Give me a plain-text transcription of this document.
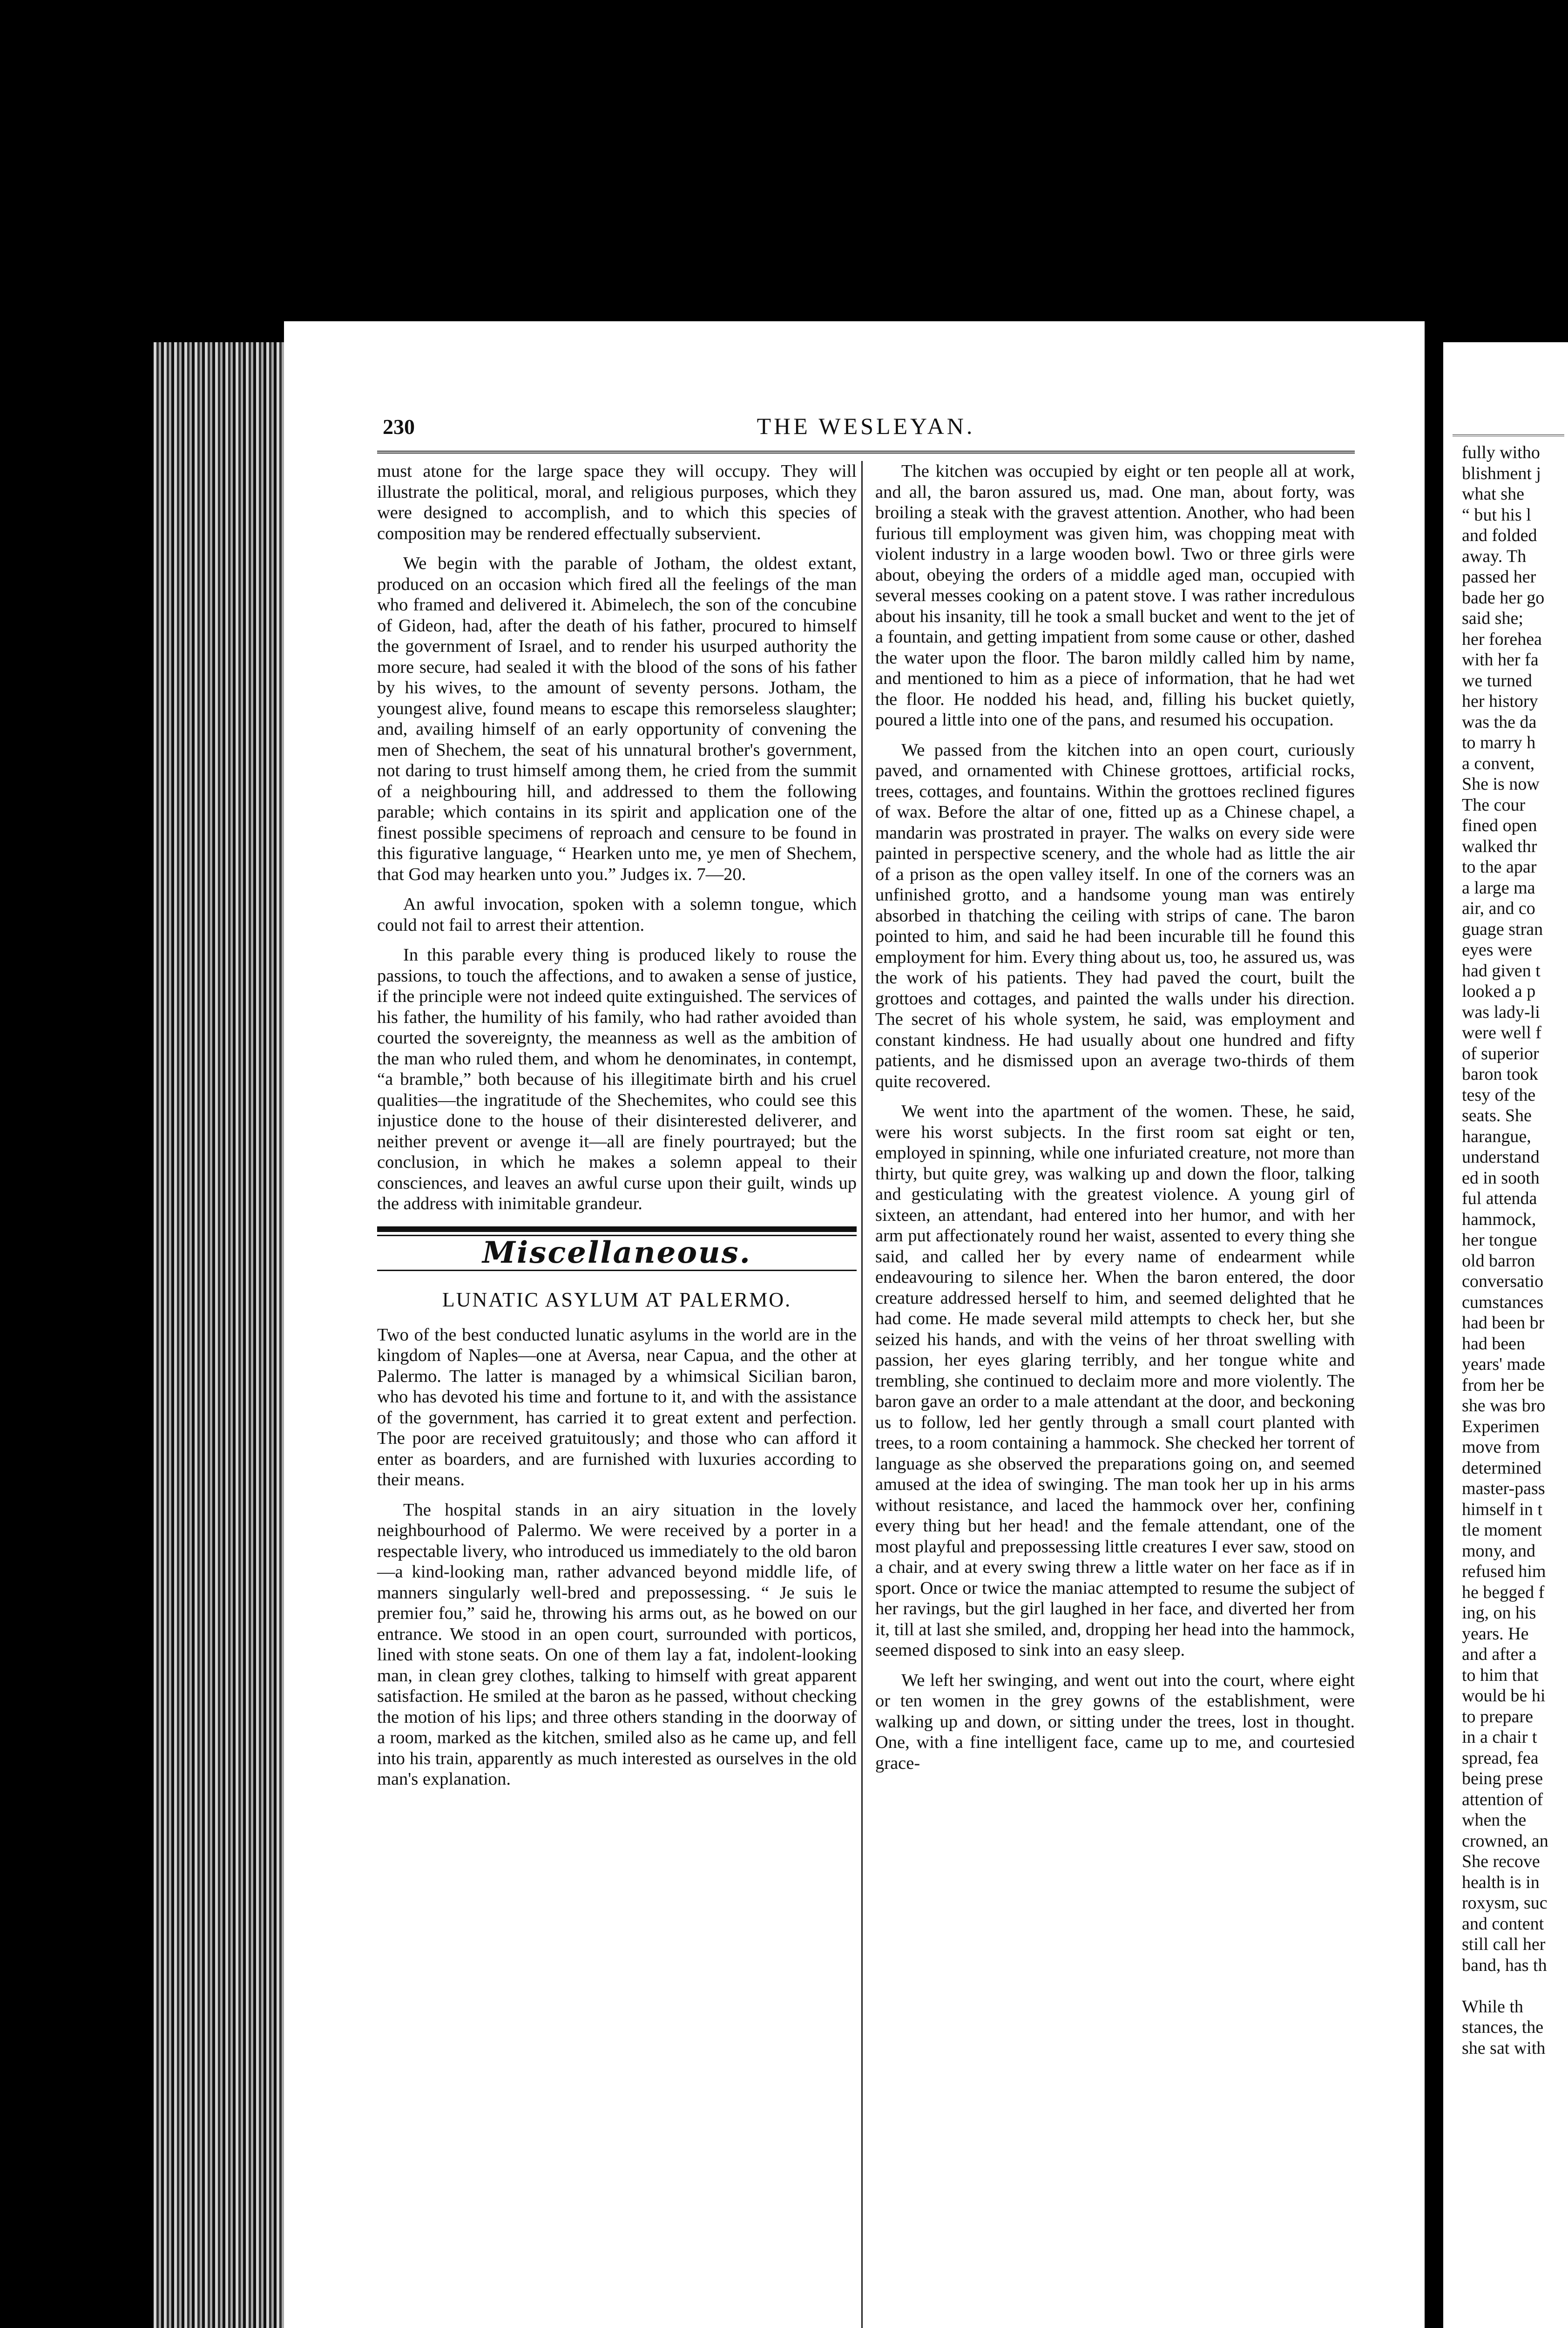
230	THE WESLEYAN.

must atone for the large space they will occupy. They will illustrate the political, moral, and religious purposes, which they were designed to accomplish, and to which this species of composition may be rendered effectually subservient.

We begin with the parable of Jotham, the oldest extant, produced on an occasion which fired all the feelings of the man who framed and delivered it. Abimelech, the son of the concubine of Gideon, had, after the death of his father, procured to himself the government of Israel, and to render his usurped authority the more secure, had sealed it with the blood of the sons of his father by his wives, to the amount of seventy persons. Jotham, the youngest alive, found means to escape this remorseless slaughter; and, availing himself of an early opportunity of convening the men of Shechem, the seat of his unnatural brother's government, not daring to trust himself among them, he cried from the summit of a neighbouring hill, and addressed to them the following parable; which contains in its spirit and application one of the finest possible specimens of reproach and censure to be found in this figurative language, “ Hearken unto me, ye men of Shechem, that God may hearken unto you.” Judges ix. 7—20.

An awful invocation, spoken with a solemn tongue, which could not fail to arrest their attention.

In this parable every thing is produced likely to rouse the passions, to touch the affections, and to awaken a sense of justice, if the principle were not indeed quite extinguished. The services of his father, the humility of his family, who had rather avoided than courted the sovereignty, the meanness as well as the ambition of the man who ruled them, and whom he denominates, in contempt, “a bramble,” both because of his illegitimate birth and his cruel qualities—the ingratitude of the Shechemites, who could see this injustice done to the house of their disinterested deliverer, and neither prevent or avenge it—all are finely pourtrayed; but the conclusion, in which he makes a solemn appeal to their consciences, and leaves an awful curse upon their guilt, winds up the address with inimitable grandeur.

Miscellaneous.
LUNATIC ASYLUM AT PALERMO.

Two of the best conducted lunatic asylums in the world are in the kingdom of Naples—one at Aversa, near Capua, and the other at Palermo. The latter is managed by a whimsical Sicilian baron, who has devoted his time and fortune to it, and with the assistance of the government, has carried it to great extent and perfection. The poor are received gratuitously; and those who can afford it enter as boarders, and are furnished with luxuries according to their means.

The hospital stands in an airy situation in the lovely neighbourhood of Palermo. We were received by a porter in a respectable livery, who introduced us immediately to the old baron—a kind-looking man, rather advanced beyond middle life, of manners singularly well-bred and prepossessing. “ Je suis le premier fou,” said he, throwing his arms out, as he bowed on our entrance. We stood in an open court, surrounded with porticos, lined with stone seats. On one of them lay a fat, indolent-looking man, in clean grey clothes, talking to himself with great apparent satisfaction. He smiled at the baron as he passed, without checking the motion of his lips; and three others standing in the doorway of a room, marked as the kitchen, smiled also as he came up, and fell into his train, apparently as much interested as ourselves in the old man's explanation.

The kitchen was occupied by eight or ten people all at work, and all, the baron assured us, mad. One man, about forty, was broiling a steak with the gravest attention. Another, who had been furious till employment was given him, was chopping meat with violent industry in a large wooden bowl. Two or three girls were about, obeying the orders of a middle aged man, occupied with several messes cooking on a patent stove. I was rather incredulous about his insanity, till he took a small bucket and went to the jet of a fountain, and getting impatient from some cause or other, dashed the water upon the floor. The baron mildly called him by name, and mentioned to him as a piece of information, that he had wet the floor. He nodded his head, and, filling his bucket quietly, poured a little into one of the pans, and resumed his occupation.

We passed from the kitchen into an open court, curiously paved, and ornamented with Chinese grottoes, artificial rocks, trees, cottages, and fountains. Within the grottoes reclined figures of wax. Before the altar of one, fitted up as a Chinese chapel, a mandarin was prostrated in prayer. The walks on every side were painted in perspective scenery, and the whole had as little the air of a prison as the open valley itself. In one of the corners was an unfinished grotto, and a handsome young man was entirely absorbed in thatching the ceiling with strips of cane. The baron pointed to him, and said he had been incurable till he found this employment for him. Every thing about us, too, he assured us, was the work of his patients. They had paved the court, built the grottoes and cottages, and painted the walls under his direction. The secret of his whole system, he said, was employment and constant kindness. He had usually about one hundred and fifty patients, and he dismissed upon an average two-thirds of them quite recovered.

We went into the apartment of the women. These, he said, were his worst subjects. In the first room sat eight or ten, employed in spinning, while one infuriated creature, not more than thirty, but quite grey, was walking up and down the floor, talking and gesticulating with the greatest violence. A young girl of sixteen, an attendant, had entered into her humor, and with her arm put affectionately round her waist, assented to every thing she said, and called her by every name of endearment while endeavouring to silence her. When the baron entered, the door creature addressed herself to him, and seemed delighted that he had come. He made several mild attempts to check her, but she seized his hands, and with the veins of her throat swelling with passion, her eyes glaring terribly, and her tongue white and trembling, she continued to declaim more and more violently. The baron gave an order to a male attendant at the door, and beckoning us to follow, led her gently through a small court planted with trees, to a room containing a hammock. She checked her torrent of language as she observed the preparations going on, and seemed amused at the idea of swinging. The man took her up in his arms without resistance, and laced the hammock over her, confining every thing but her head! and the female attendant, one of the most playful and prepossessing little creatures I ever saw, stood on a chair, and at every swing threw a little water on her face as if in sport. Once or twice the maniac attempted to resume the subject of her ravings, but the girl laughed in her face, and diverted her from it, till at last she smiled, and, dropping her head into the hammock, seemed disposed to sink into an easy sleep.

We left her swinging, and went out into the court, where eight or ten women in the grey gowns of the establishment, were walking up and down, or sitting under the trees, lost in thought. One, with a fine intelligent face, came up to me, and courtesied grace-

fully witho
blishment j
what she
“ but his l
and folded
away. Th
passed her
bade her go
said she;
her forehea
with her fa
we turned
her history
was the da
to marry h
a convent,
She is now
The cour
fined open
walked thr
to the apar
a large ma
air, and co
guage stran
eyes were
had given t
looked a p
was lady-li
were well f
of superior
baron took
tesy of the
seats. She
harangue,
understand
ed in sooth
ful attenda
hammock,
her tongue
old barron
conversatio
cumstances
had been br
had been
years' made
from her be
she was bro
Experimen
move from
determined
master-pass
himself in t
tle moment
mony, and
refused him
he begged f
ing, on his
years. He
and after a
to him that
would be hi
to prepare
in a chair t
spread, fea
being prese
attention of
when the
crowned, an
She recove
health is in
roxysm, suc
and content
still call her
band, has th
While th
stances, the
she sat with
